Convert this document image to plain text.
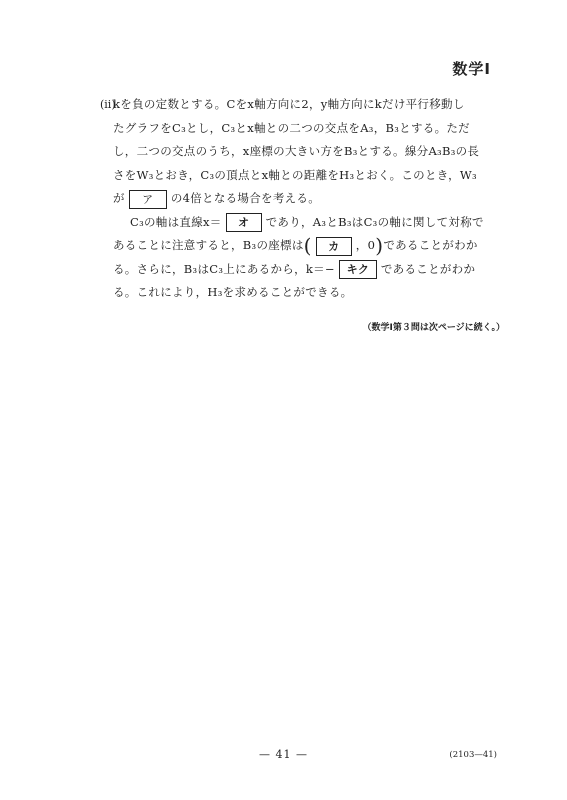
数学Ⅰ
(ii)
kを負の定数とする。Cをx軸方向に2，y軸方向にkだけ平行移動し
たグラフをC₃とし，C₃とx軸との二つの交点をA₃，B₃とする。ただ
し，二つの交点のうち，x座標の大きい方をB₃とする。線分A₃B₃の長
さをW₃とおき，C₃の頂点とx軸との距離をH₃とおく。このとき，W₃
が ア の4倍となる場合を考える。
C₃の軸は直線x＝ オ であり，A₃とB₃はC₃の軸に関して対称で
あることに注意すると，B₃の座標は( カ ，0)であることがわか
る。さらに，B₃はC₃上にあるから，k＝− キク であることがわか
る。これにより，H₃を求めることができる。
（数学Ⅰ第３問は次ページに続く。）
— 41 —	(2103—41)
